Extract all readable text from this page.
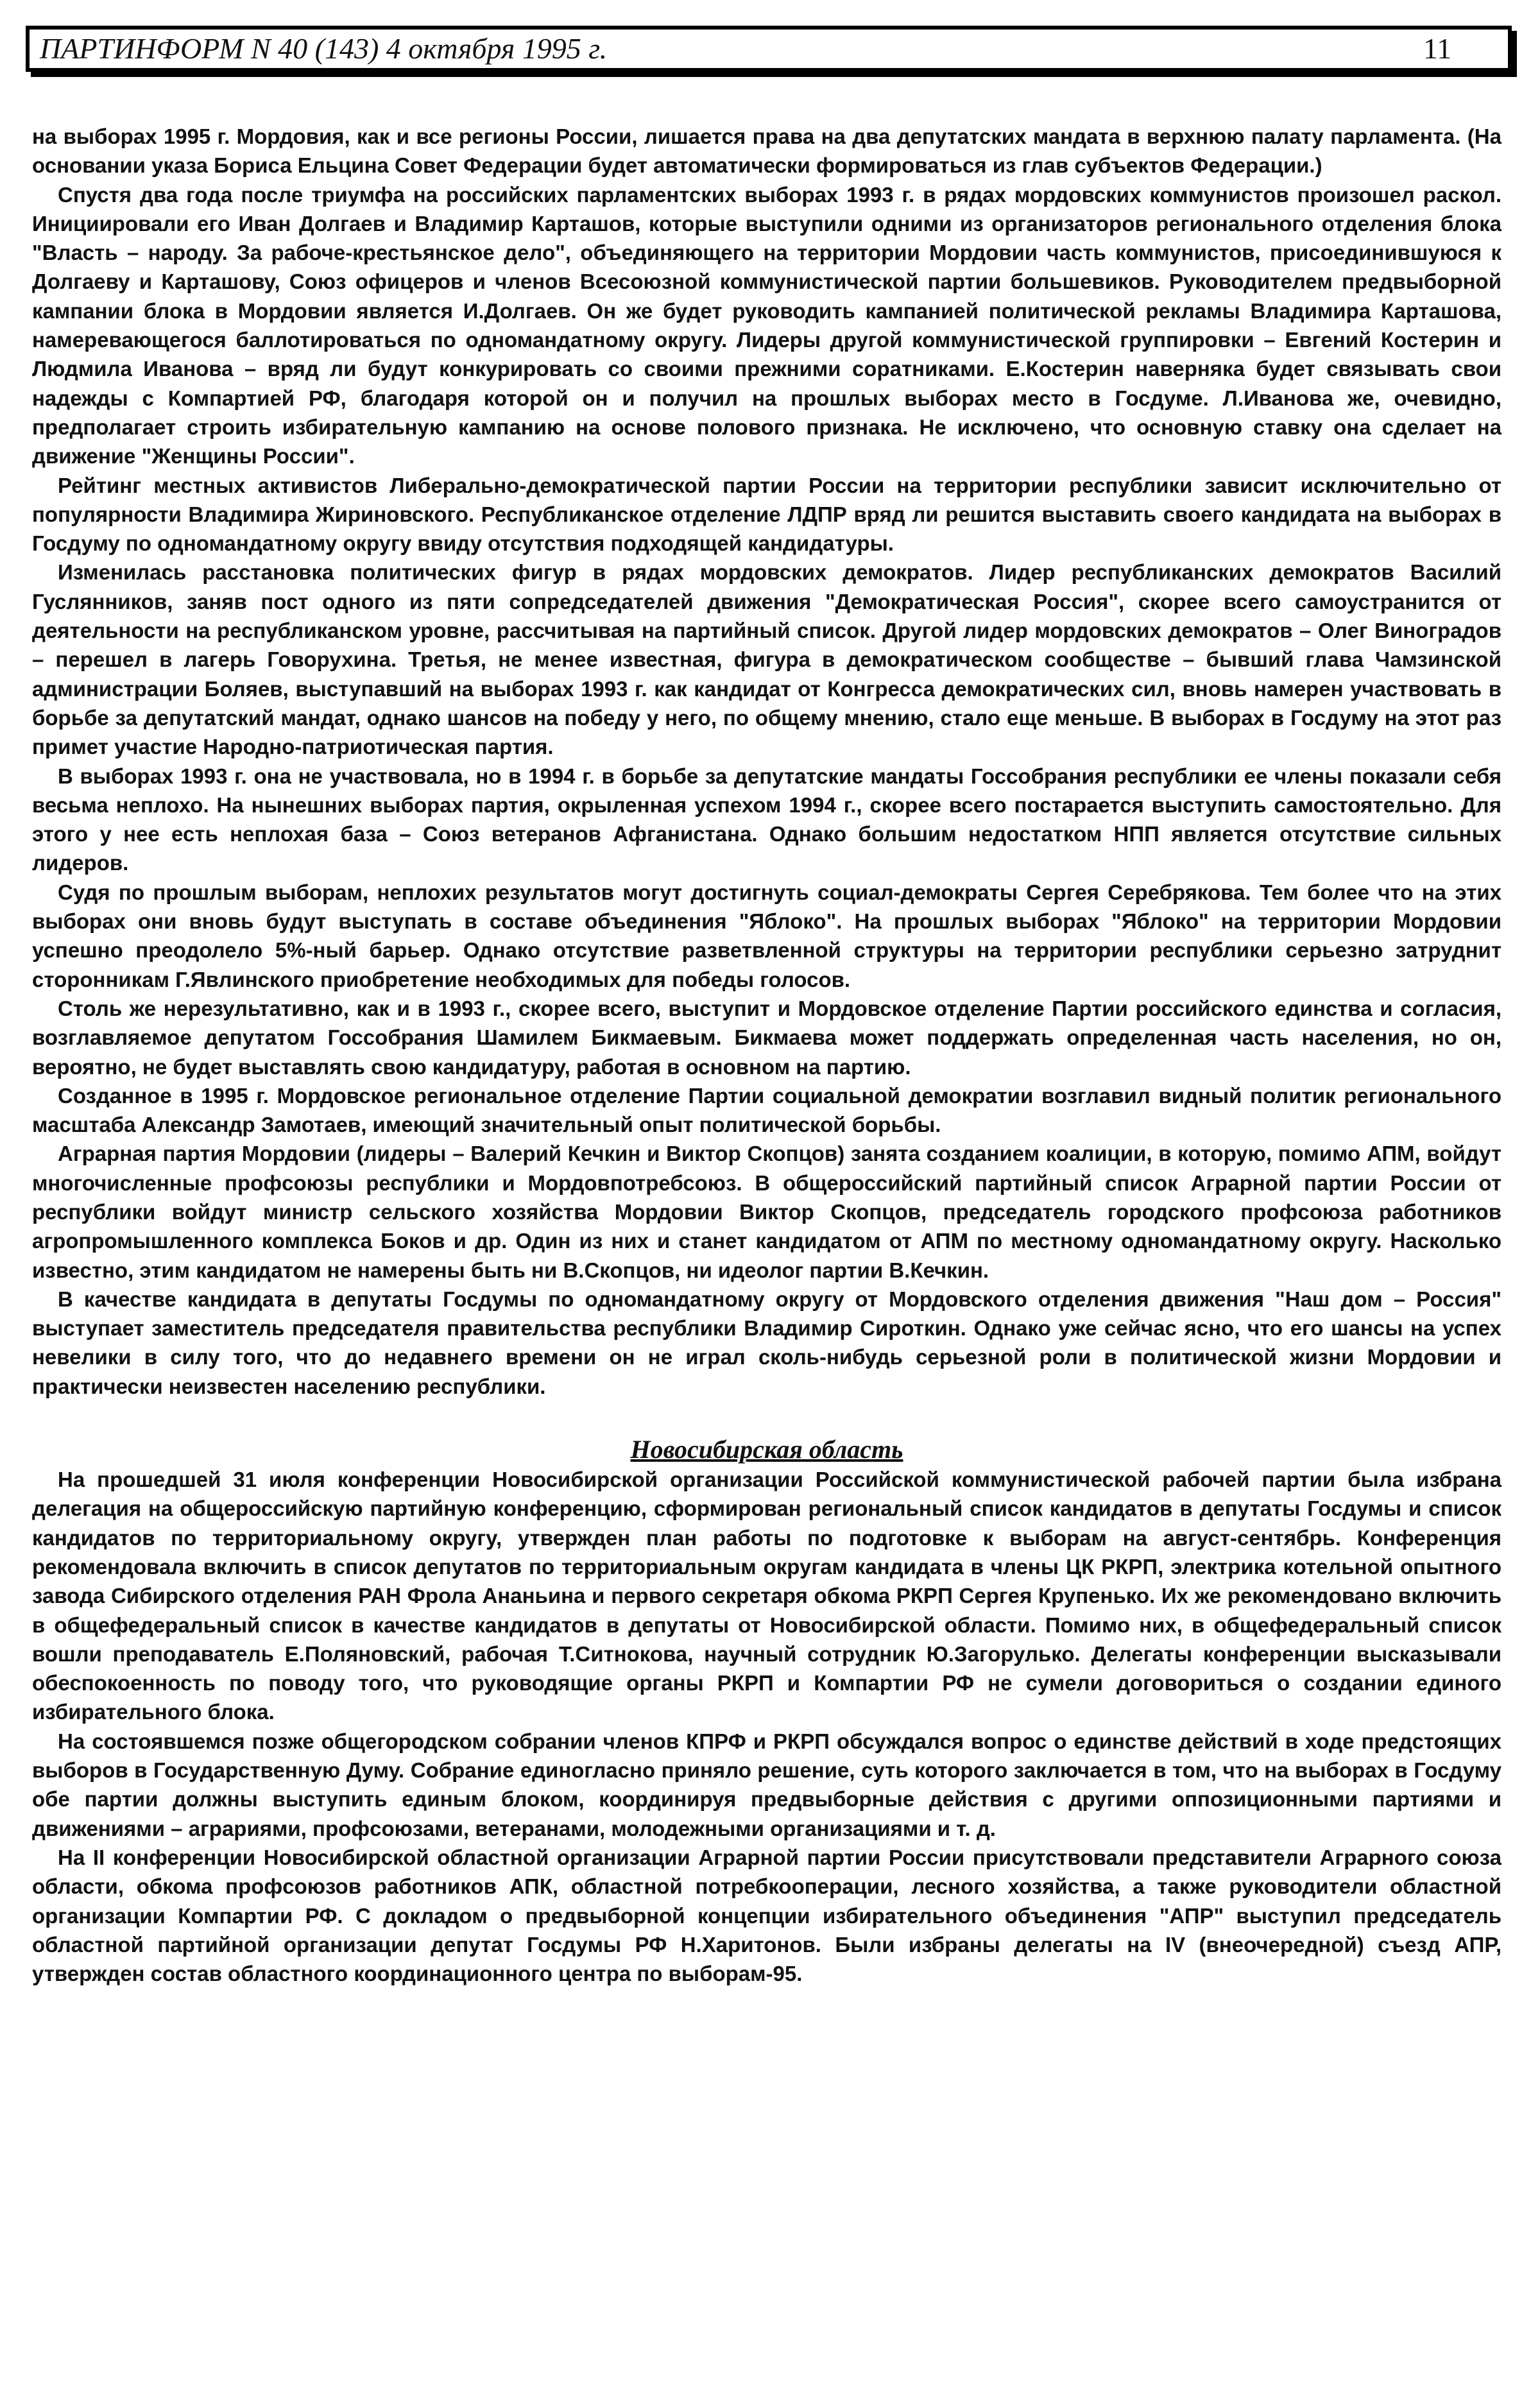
ПАРТИНФОРМ N 40 (143) 4 октября 1995 г.	11

на выборах 1995 г. Мордовия, как и все регионы России, лишается права на два депутатских мандата в верхнюю палату парламента. (На основании указа Бориса Ельцина Совет Федерации будет автоматически формироваться из глав субъектов Федерации.)

Спустя два года после триумфа на российских парламентских выборах 1993 г. в рядах мордовских коммунистов произошел раскол. Инициировали его Иван Долгаев и Владимир Карташов, которые выступили одними из организаторов регионального отделения блока "Власть – народу. За рабоче-крестьянское дело", объединяющего на территории Мордовии часть коммунистов, присоединившуюся к Долгаеву и Карташову, Союз офицеров и членов Всесоюзной коммунистической партии большевиков. Руководителем предвыборной кампании блока в Мордовии является И.Долгаев. Он же будет руководить кампанией политической рекламы Владимира Карташова, намеревающегося баллотироваться по одномандатному округу. Лидеры другой коммунистической группировки – Евгений Костерин и Людмила Иванова – вряд ли будут конкурировать со своими прежними соратниками. Е.Костерин наверняка будет связывать свои надежды с Компартией РФ, благодаря которой он и получил на прошлых выборах место в Госдуме. Л.Иванова же, очевидно, предполагает строить избирательную кампанию на основе полового признака. Не исключено, что основную ставку она сделает на движение "Женщины России".

Рейтинг местных активистов Либерально-демократической партии России на территории республики зависит исключительно от популярности Владимира Жириновского. Республиканское отделение ЛДПР вряд ли решится выставить своего кандидата на выборах в Госдуму по одномандатному округу ввиду отсутствия подходящей кандидатуры.

Изменилась расстановка политических фигур в рядах мордовских демократов. Лидер республиканских демократов Василий Гуслянников, заняв пост одного из пяти сопредседателей движения "Демократическая Россия", скорее всего самоустранится от деятельности на республиканском уровне, рассчитывая на партийный список. Другой лидер мордовских демократов – Олег Виноградов – перешел в лагерь Говорухина. Третья, не менее известная, фигура в демократическом сообществе – бывший глава Чамзинской администрации Боляев, выступавший на выборах 1993 г. как кандидат от Конгресса демократических сил, вновь намерен участвовать в борьбе за депутатский мандат, однако шансов на победу у него, по общему мнению, стало еще меньше. В выборах в Госдуму на этот раз примет участие Народно-патриотическая партия.

В выборах 1993 г. она не участвовала, но в 1994 г. в борьбе за депутатские мандаты Госсобрания республики ее члены показали себя весьма неплохо. На нынешних выборах партия, окрыленная успехом 1994 г., скорее всего постарается выступить самостоятельно. Для этого у нее есть неплохая база – Союз ветеранов Афганистана. Однако большим недостатком НПП является отсутствие сильных лидеров.

Судя по прошлым выборам, неплохих результатов могут достигнуть социал-демократы Сергея Серебрякова. Тем более что на этих выборах они вновь будут выступать в составе объединения "Яблоко". На прошлых выборах "Яблоко" на территории Мордовии успешно преодолело 5%-ный барьер. Однако отсутствие разветвленной структуры на территории республики серьезно затруднит сторонникам Г.Явлинского приобретение необходимых для победы голосов.

Столь же нерезультативно, как и в 1993 г., скорее всего, выступит и Мордовское отделение Партии российского единства и согласия, возглавляемое депутатом Госсобрания Шамилем Бикмаевым. Бикмаева может поддержать определенная часть населения, но он, вероятно, не будет выставлять свою кандидатуру, работая в основном на партию.

Созданное в 1995 г. Мордовское региональное отделение Партии социальной демократии возглавил видный политик регионального масштаба Александр Замотаев, имеющий значительный опыт политической борьбы.

Аграрная партия Мордовии (лидеры – Валерий Кечкин и Виктор Скопцов) занята созданием коалиции, в которую, помимо АПМ, войдут многочисленные профсоюзы республики и Мордовпотребсоюз. В общероссийский партийный список Аграрной партии России от республики войдут министр сельского хозяйства Мордовии Виктор Скопцов, председатель городского профсоюза работников агропромышленного комплекса Боков и др. Один из них и станет кандидатом от АПМ по местному одномандатному округу. Насколько известно, этим кандидатом не намерены быть ни В.Скопцов, ни идеолог партии В.Кечкин.

В качестве кандидата в депутаты Госдумы по одномандатному округу от Мордовского отделения движения "Наш дом – Россия" выступает заместитель председателя правительства республики Владимир Сироткин. Однако уже сейчас ясно, что его шансы на успех невелики в силу того, что до недавнего времени он не играл сколь-нибудь серьезной роли в политической жизни Мордовии и практически неизвестен населению республики.

Новосибирская область

На прошедшей 31 июля конференции Новосибирской организации Российской коммунистической рабочей партии была избрана делегация на общероссийскую партийную конференцию, сформирован региональный список кандидатов в депутаты Госдумы и список кандидатов по территориальному округу, утвержден план работы по подготовке к выборам на август-сентябрь. Конференция рекомендовала включить в список депутатов по территориальным округам кандидата в члены ЦК РКРП, электрика котельной опытного завода Сибирского отделения РАН Фрола Ананьина и первого секретаря обкома РКРП Сергея Крупенько. Их же рекомендовано включить в общефедеральный список в качестве кандидатов в депутаты от Новосибирской области. Помимо них, в общефедеральный список вошли преподаватель Е.Поляновский, рабочая Т.Ситнокова, научный сотрудник Ю.Загорулько. Делегаты конференции высказывали обеспокоенность по поводу того, что руководящие органы РКРП и Компартии РФ не сумели договориться о создании единого избирательного блока.

На состоявшемся позже общегородском собрании членов КПРФ и РКРП обсуждался вопрос о единстве действий в ходе предстоящих выборов в Государственную Думу. Собрание единогласно приняло решение, суть которого заключается в том, что на выборах в Госдуму обе партии должны выступить единым блоком, координируя предвыборные действия с другими оппозиционными партиями и движениями – аграриями, профсоюзами, ветеранами, молодежными организациями и т. д.

На II конференции Новосибирской областной организации Аграрной партии России присутствовали представители Аграрного союза области, обкома профсоюзов работников АПК, областной потребкооперации, лесного хозяйства, а также руководители областной организации Компартии РФ. С докладом о предвыборной концепции избирательного объединения "АПР" выступил председатель областной партийной организации депутат Госдумы РФ Н.Харитонов. Были избраны делегаты на IV (внеочередной) съезд АПР, утвержден состав областного координационного центра по выборам-95.
